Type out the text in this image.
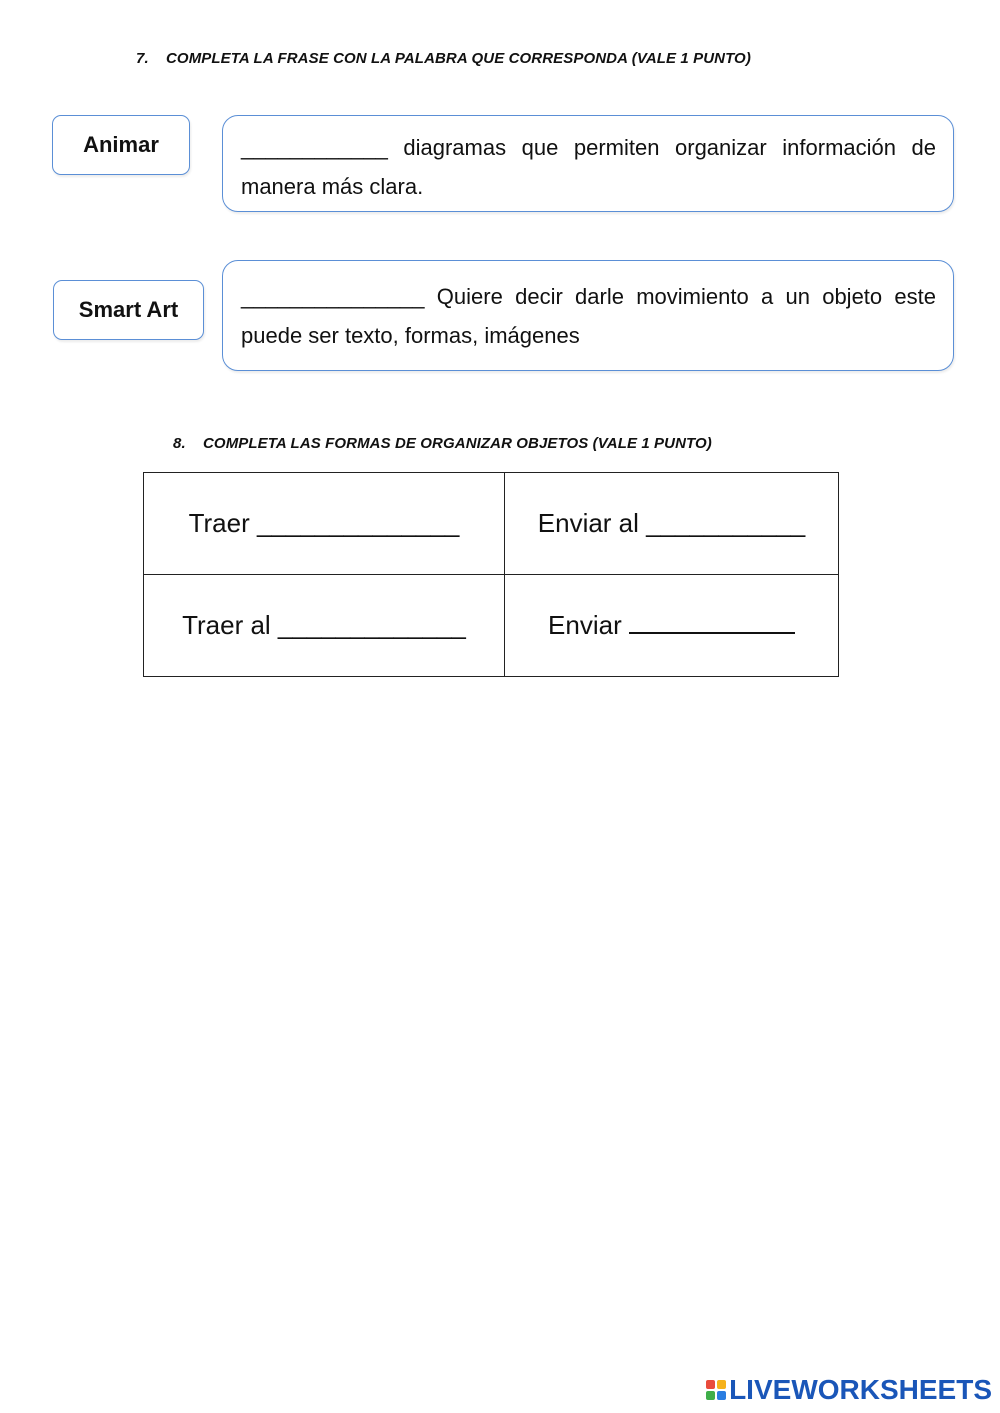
7. COMPLETA LA FRASE CON LA PALABRA QUE CORRESPONDA (VALE 1 PUNTO)
Animar
Smart Art
____________ diagramas que permiten organizar información de manera más clara.
_______________ Quiere decir darle movimiento a un objeto este puede ser texto, formas, imágenes
8. COMPLETA LAS FORMAS DE ORGANIZAR OBJETOS (VALE 1 PUNTO)
Traer ______________	Enviar al ___________
Traer al _____________	Enviar
LIVEWORKSHEETS
